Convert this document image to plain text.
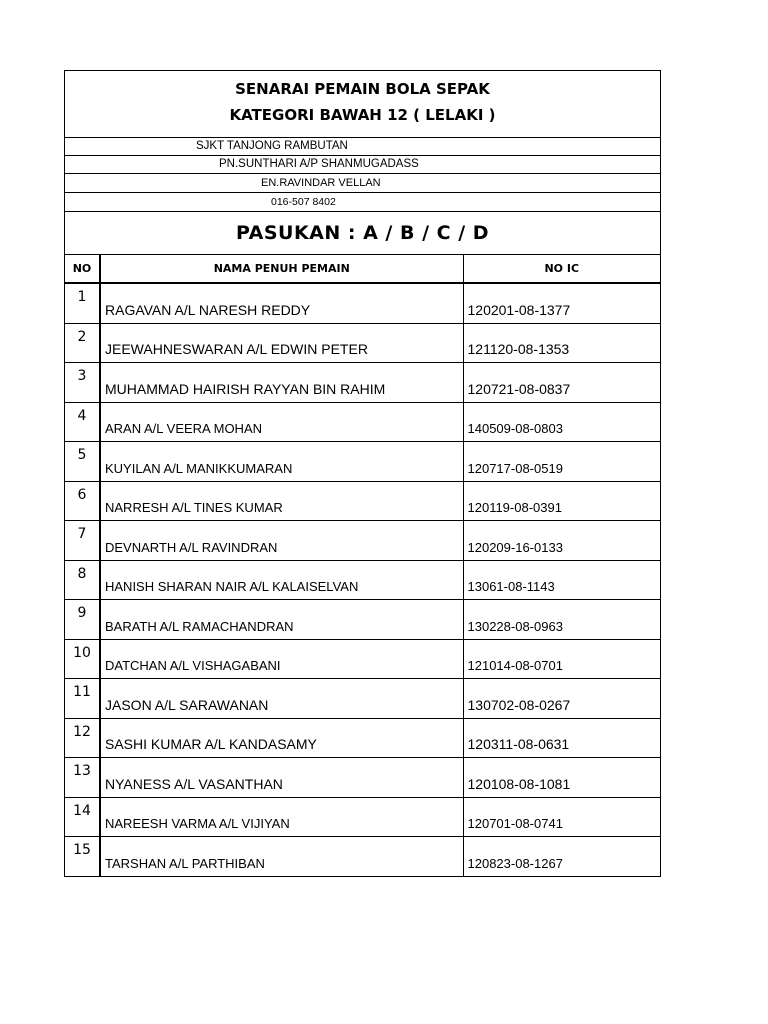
SENARAI PEMAIN BOLA SEPAK
KATEGORI BAWAH 12 ( LELAKI )
SJKT TANJONG RAMBUTAN
PN.SUNTHARI A/P SHANMUGADASS
EN.RAVINDAR VELLAN
016-507 8402
PASUKAN : A / B / C / D
NO	NAMA PENUH PEMAIN	NO IC
1	RAGAVAN A/L NARESH REDDY	120201-08-1377
2	JEEWAHNESWARAN A/L EDWIN PETER	121120-08-1353
3	MUHAMMAD HAIRISH RAYYAN BIN RAHIM	120721-08-0837
4	ARAN A/L VEERA MOHAN	140509-08-0803
5	KUYILAN A/L MANIKKUMARAN	120717-08-0519
6	NARRESH A/L TINES KUMAR	120119-08-0391
7	DEVNARTH A/L RAVINDRAN	120209-16-0133
8	HANISH SHARAN NAIR A/L KALAISELVAN	13061-08-1143
9	BARATH A/L RAMACHANDRAN	130228-08-0963
10	DATCHAN A/L VISHAGABANI	121014-08-0701
11	JASON A/L SARAWANAN	130702-08-0267
12	SASHI KUMAR A/L KANDASAMY	120311-08-0631
13	NYANESS A/L VASANTHAN	120108-08-1081
14	NAREESH VARMA A/L VIJIYAN	120701-08-0741
15	TARSHAN A/L PARTHIBAN	120823-08-1267
